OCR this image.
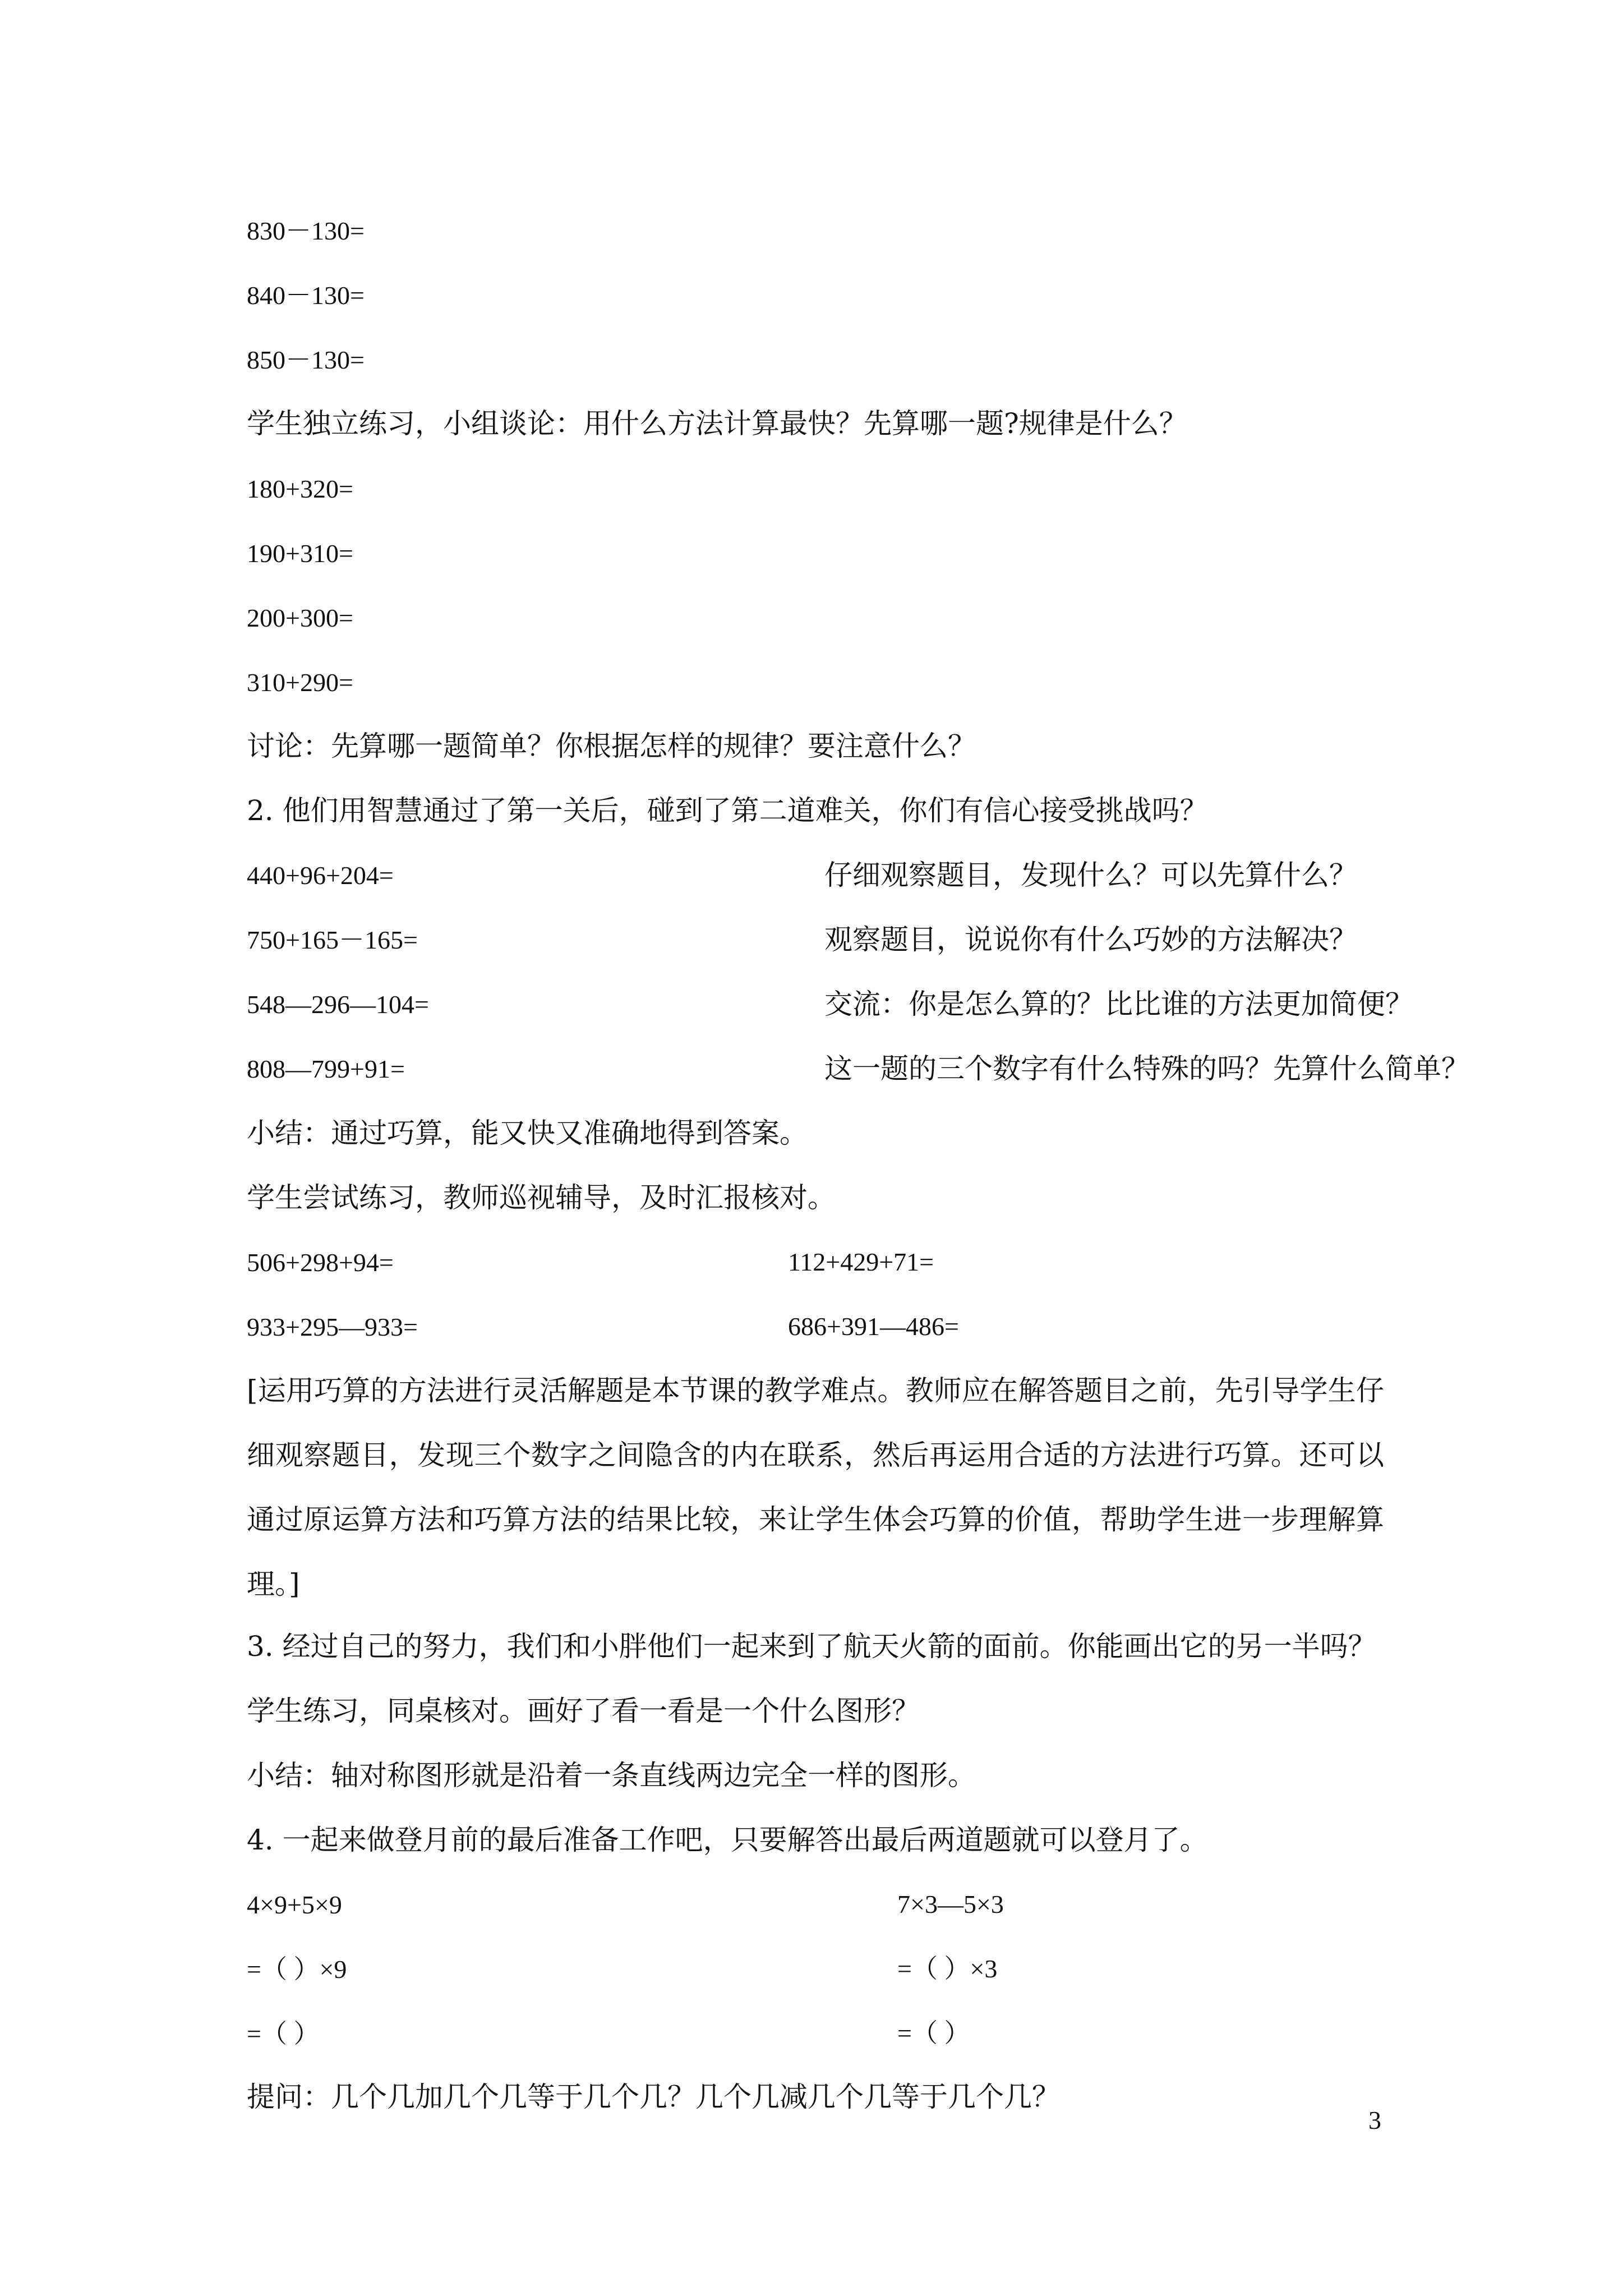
830－130=
840－130=
850－130=
学生独立练习，小组谈论：用什么方法计算最快？先算哪一题?规律是什么？
180+320=
190+310=
200+300=
310+290=
讨论：先算哪一题简单？你根据怎样的规律？要注意什么？
2. 他们用智慧通过了第一关后，碰到了第二道难关，你们有信心接受挑战吗？
440+96+204=	仔细观察题目，发现什么？可以先算什么？
750+165－165=	观察题目，说说你有什么巧妙的方法解决？
548—296—104=	交流：你是怎么算的？比比谁的方法更加简便？
808—799+91=	这一题的三个数字有什么特殊的吗？先算什么简单？
小结：通过巧算，能又快又准确地得到答案。
学生尝试练习，教师巡视辅导，及时汇报核对。
506+298+94=	112+429+71=
933+295—933=	686+391—486=
[运用巧算的方法进行灵活解题是本节课的教学难点。教师应在解答题目之前，先引导学生仔细观察题目，发现三个数字之间隐含的内在联系，然后再运用合适的方法进行巧算。还可以通过原运算方法和巧算方法的结果比较，来让学生体会巧算的价值，帮助学生进一步理解算理。]
3. 经过自己的努力，我们和小胖他们一起来到了航天火箭的面前。你能画出它的另一半吗？
学生练习，同桌核对。画好了看一看是一个什么图形？
小结：轴对称图形就是沿着一条直线两边完全一样的图形。
4. 一起来做登月前的最后准备工作吧，只要解答出最后两道题就可以登月了。
4×9+5×9	7×3—5×3
=（ ）×9	=（ ）×3
=（ ）	=（ ）
提问：几个几加几个几等于几个几？几个几减几个几等于几个几？
3
